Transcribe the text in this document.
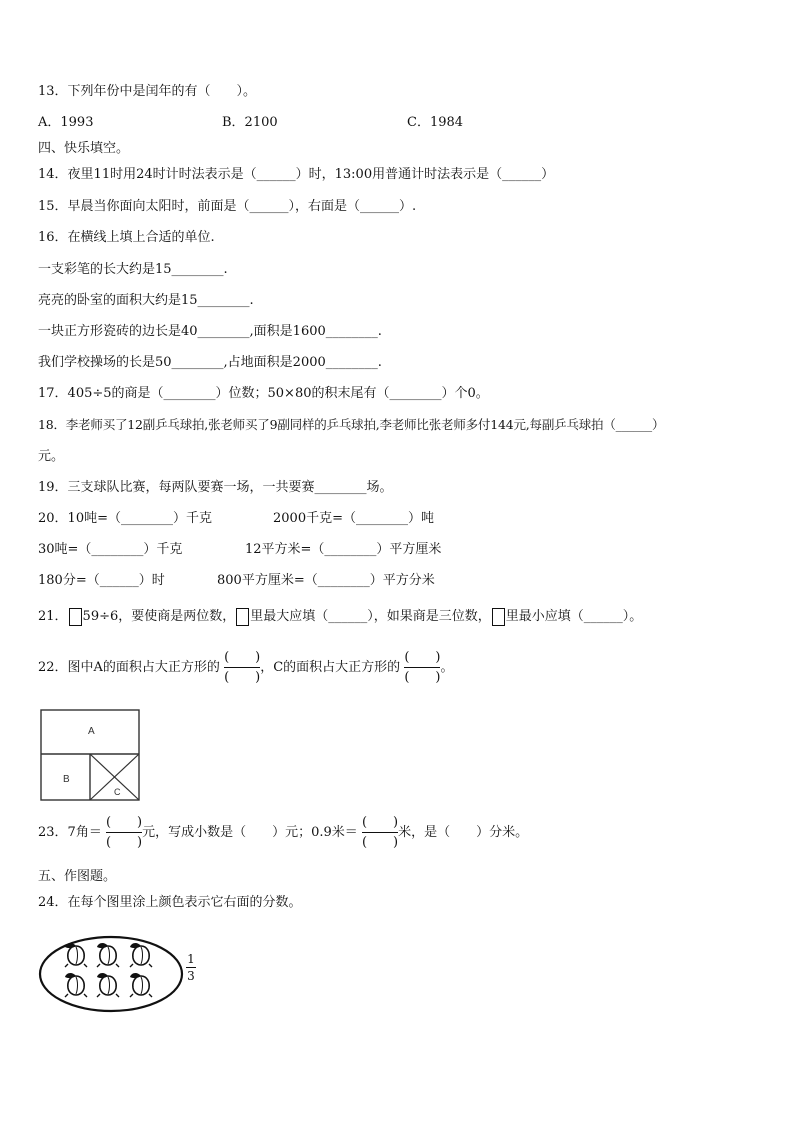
13．下列年份中是闰年的有（　　）。
A．1993	B．2100	C．1984
四、快乐填空。
14．夜里11时用24时计时法表示是（______）时，13:00用普通计时法表示是（______）
15．早晨当你面向太阳时，前面是（______），右面是（______）.
16．在横线上填上合适的单位.
一支彩笔的长大约是15________.
亮亮的卧室的面积大约是15________.
一块正方形瓷砖的边长是40________,面积是1600________.
我们学校操场的长是50________,占地面积是2000________.
17．405÷5的商是（________）位数；50×80的积末尾有（________）个0。
18．李老师买了12副乒乓球拍,张老师买了9副同样的乒乓球拍,李老师比张老师多付144元,每副乒乓球拍（______）
元。
19．三支球队比赛，每两队要赛一场，一共要赛________场。
20．10吨=（________）千克	2000千克=（________）吨
30吨=（________）千克	12平方米=（________）平方厘米
180分=（______）时	800平方厘米=（________）平方分米
21． 59÷6，要使商是两位数， 里最大应填（______），如果商是三位数， 里最小应填（______）。
22．图中A的面积占大正方形的 $\frac{( )}{( )}$ ，C的面积占大正方形的 $\frac{( )}{( )}$ 。
A
B
C
23．7角＝ $\frac{( )}{( )}$ 元，写成小数是（　　）元；0.9米＝ $\frac{( )}{( )}$ 米，是（　　）分米。
五、作图题。
24．在每个图里涂上颜色表示它右面的分数。
1
3
